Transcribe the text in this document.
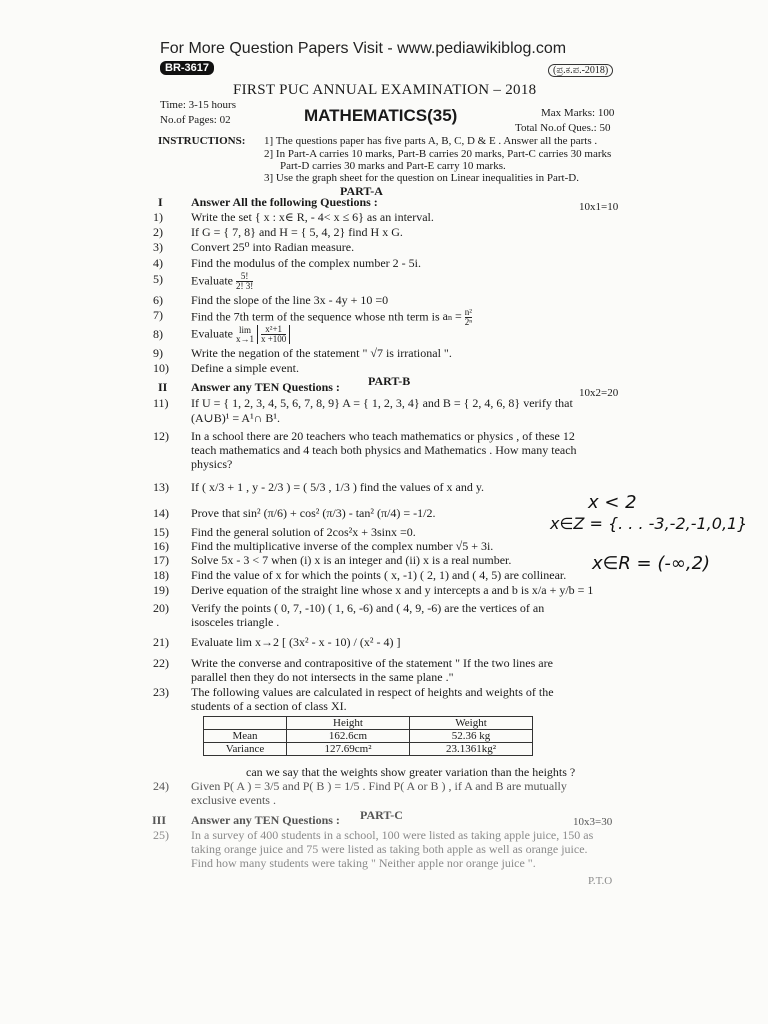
For More Question Papers Visit - www.pediawikiblog.com
BR-3617	(ಪ್ರ.ಕ.ಪ.-2018)
FIRST PUC ANNUAL EXAMINATION – 2018
Time: 3-15 hours
No.of Pages: 02	MATHEMATICS(35)	Max Marks: 100
Total No.of Ques.: 50
INSTRUCTIONS: 1] The questions paper has five parts A, B, C, D & E . Answer all the parts .
2] In Part-A carries 10 marks, Part-B carries 20 marks, Part-C carries 30 marks
Part-D carries 30 marks and Part-E carry 10 marks.
3] Use the graph sheet for the question on Linear inequalities in Part-D.
PART-A
I Answer All the following Questions :	10x1=10
1)	Write the set { x : x∈ R, - 4< x ≤ 6} as an interval.
2)	If G = { 7, 8} and H = { 5, 4, 2} find H x G.
3)	Convert 25⁰ into Radian measure.
4)	Find the modulus of the complex number 2 - 5i.
5)	Evaluate $\frac{5!}{2! 3!}$
6)	Find the slope of the line 3x - 4y + 10 =0
7)	Find the 7th term of the sequence whose nth term is an = $\frac{\text{n²}}{\text{2ⁿ}}$
8)	Evaluate lim
x→1
$\frac{\text{x²+1}}{x +100}$
9)	Write the negation of the statement " √7 is irrational ".
10)	Define a simple event.
PART-B
II Answer any TEN Questions :	10x2=20
11)	If U = { 1, 2, 3, 4, 5, 6, 7, 8, 9} A = { 1, 2, 3, 4} and B = { 2, 4, 6, 8} verify that
(A∪B)¹ = A¹∩ B¹.
12)	In a school there are 20 teachers who teach mathematics or physics , of these 12
teach mathematics and 4 teach both physics and Mathematics . How many teach
physics?
13)	If ( x/3 + 1 , y - 2/3 ) = ( 5/3 , 1/3 ) find the values of x and y.
14)	Prove that sin² (π/6) + cos² (π/3) - tan² (π/4) = -1/2.
15)	Find the general solution of 2cos²x + 3sinx =0.
16)	Find the multiplicative inverse of the complex number √5 + 3i.
17)	Solve 5x - 3 < 7 when (i) x is an integer and (ii) x is a real number.
18)	Find the value of x for which the points ( x, -1) ( 2, 1) and ( 4, 5) are collinear.
19)	Derive equation of the straight line whose x and y intercepts a and b is x/a + y/b = 1
20)	Verify the points ( 0, 7, -10) ( 1, 6, -6) and ( 4, 9, -6) are the vertices of an
isosceles triangle .
21)	Evaluate lim x→2 [ (3x² - x - 10) / (x² - 4) ]
22)	Write the converse and contrapositive of the statement " If the two lines are
parallel then they do not intersects in the same plane ."
23)	The following values are calculated in respect of heights and weights of the
students of a section of class XI.
	Height	Weight
Mean	162.6cm	52.36 kg
Variance	127.69cm²	23.1361kg²
can we say that the weights show greater variation than the heights ?
24)	Given P( A ) = 3/5 and P( B ) = 1/5 . Find P( A or B ) , if A and B are mutually
exclusive events .
PART-C
III Answer any TEN Questions :	10x3=30
25)	In a survey of 400 students in a school, 100 were listed as taking apple juice, 150 as
taking orange juice and 75 were listed as taking both apple as well as orange juice.
Find how many students were taking " Neither apple nor orange juice ".
P.T.O
x < 2
x∈Z = {. . . -3,-2,-1,0,1}
x∈R = (-∞,2)
